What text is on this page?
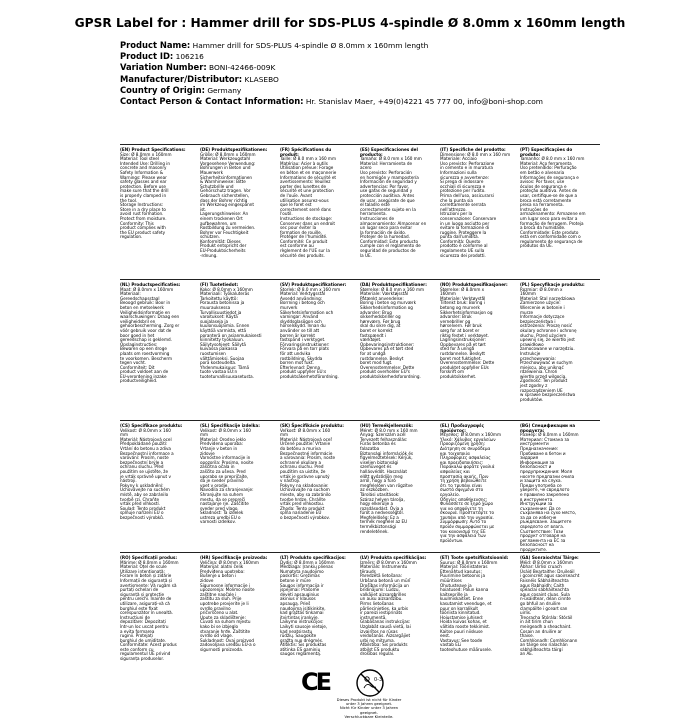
GPSR Label for : Hammer drill for SDS-PLUS 4-spindle Ø 8.0mm x 160mm length
Product Name: Hammer drill for SDS-PLUS 4-spindle Ø 8.0mm x 160mm length
Product ID: 106216
Variation Number: BONI-42466-009K
Manufacturer/Distributor: KLASEBO
Country of Origin: Germany
Contact Person & Contact Information: Hr. Stanislav Maer, +49(0)4221 45 777 00, info@boni-shop.com
(EN) Product Specifications:
Size: Ø 8.0mm x 160mm
Material: Tool steel
Intended Use: Drilling in
concrete and masonry
Safety Information &
Warnings: Please wear
safety glasses and ear
protection. Before use
make sure that the drill
is properly clamped in
the tool.
Storage Instructions:
Store in a dry place to
avoid rust formation.
Protect from moisture.
Conformity: This
product complies with
the EU product safety
regulation.
(DE) Produktspezifikationen:
Größe: Ø 8.0mm x 160mm
Material: Werkzeugstahl
Vorgesehene Verwendung:
Bohrungen in Beton und
Mauerwerk
Sicherheitsinformationen
& Warnhinweise: Bitte
Schutzbrille und
Gehörschutz tragen. Vor
Gebrauch sicherstellen,
dass der Bohrer richtig
im Werkzeug eingespannt
ist.
Lagerungshinweise: An
einem trockenen Ort
aufbewahren, um
Rostbildung zu vermeiden.
Bohrer vor Feuchtigkeit
schützen.
Konformität: Dieses
Produkt entspricht der
EU-Produktsicherheits
-rdnung.
(FR) Spécifications du produit:
Taille: Ø 8.0 mm x 160 mm
Matériau: Acier à outils
Utilisation prévue: Forage
en béton et en maçonnerie
Informations de sécurité et
avertissements: Veuillez
porter des lunettes de
sécurité et une protection
de l'ouïe. Avant
utilisation assurez-vous
que le foret est
correctement serré dans
l'outil.
Instructions de stockage:
Conserver dans un endroit
sec pour éviter la
formation de rouille.
Protéger de l'humidité.
Conformité: Ce produit
est conforme au
règlement de l'UE sur la
sécurité des produits.
(ES) Especificaciones del producto:
Tamaño: Ø 8.0 mm x 160 mm
Material: Herramienta de
acero
Uso previsto: Perforación
en hormigón y mampostería
Información de seguridad y
advertencias: Por favor,
use gafas de seguridad y
protección auditiva. Antes
de usar, asegúrate de que
el taladro esté
correctamente sujeto en la
herramienta.
Instrucciones de
almacenamiento: Almacenar en
un lugar seco para evitar
la formación de óxido.
Protejer de la humedad.
Conformidad: Este producto
cumple con el reglamento de
seguridad de productos de
la UE.
(IT) Specifiche del prodotto:
Dimensione: Ø 8.0 mm x 160 mm
Materiale: Acciaio
Uso previsto: Perforazione
in cemento e in muratura
Informazioni sulla
sicurezza e avvertenze:
Si prega di indossare
occhiali di sicurezza e
protezione per l'udito.
Prima dell'uso, assicurarsi
che la punta sia
correttamente serrata
nell'attrezzo.
Istruzioni per la
conservazione: Conservare
in un luogo asciutto per
evitare la formazione di
ruggine. Proteggere la
punta dall'umidità.
Conformità: Questo
prodotto è conforme al
regolamento UE sulla
sicurezza dei prodotti.
(PT) Especificações do produto:
Tamanho: Ø 8.0 mm x 160 mm
Material: Aço ferramenta
Uso pretendido: Perfuração
em betão e alvenaria
Informações de segurança e
avisos: Por favor, use
óculos de segurança e
proteção auditiva. Antes de
usar, certifique-se de que a
broca está corretamente
presa na ferramenta.
Instruções de
armazenamento: Armazene em
um lugar seco para evitar a
formação de ferrugem. Proteja
a broca da humidade.
Conformidade: Este produto
está em conformidade com o
regulamento de segurança de
produtos da UE.
(NL) Productspecificaties:
Maat: Ø 8.0mm x 160mm
Materiaal:
Gereedschapsstaal
Beoogd gebruik: Boor in
beton en metselwerk
Veiligheidsinformatie en
waarschuwingen: Draag een
veiligheidsbril en
gehoorbescherming. Zorg er
vóór gebruik voor dat de
boor goed in het
gereedschap is geklemd.
Opslaginstructies:
Bewaren op een droge
plaats om roestvorming
te voorkomen. Bescherm
tegen vocht.
Conformiteit: Dit
product voldoet aan de
EU-verordening inzake
productveiligheid.
(FI) Tuotetiedot:
Koko: Ø 8.0mm x 160mm
Materiaali: Työkaluteräs
Tarkoitettu käyttö:
Porausta betonissa ja
muurauksessa
Turvallisuustiedot ja
varoitukset: Käytä
suojalaseja ja
kuulonsuojaimia. Ennen
käyttöä varmista, että
poranterä on asianmukaisesti
kiinnitetty työkaluun.
Säilytysohjeet: Säilytä
kuivassa paikassa
ruostumisen
välttämiseksi. Suojaa
porä kosteudelta.
Yhdenmukaisuus: Tämä
tuote vastaa EU:n
tuoteturvallisuusasetusta.
(SV) Produktspecifikationer:
Storlek: Ø 8.0 mm x 160 mm
Material: Verktygsstål
Avsedd användning:
Borrning i betong och
murverk
Säkerhetsinformation och
varningar: Använd
skyddsglasögon och
hörselskydd. Innan du
använder se till att
borren är korrekt
fastspänd i verktyget.
Förvaringsinstruktioner:
Förvara på en torr plats
för att undvika
rostbildning. Skydda
borren mot fukt.
Efterlevnad: Denna
produkt uppfyller EU:s
produktsäkerhetsförordning.
(DA) Produktspecifikationer:
Størrelse: Ø 8.0 mm x 160 mm
Materiale: Værktøjsstål
Påtænkt anvendelse:
Boring i beton og murværk
Sikkerhedsinformation og
advarsler: Brug
sikkerhedsbriller og
høreværn. Før brug
skal du sikre dig, at
boret er korrekt
fastspændt i
værktøjet.
Opbevaringsinstruktioner:
Opbevares på et tørt sted
for at undgå
rustdannelse. Beskyt
boret mod fugt.
Overensstemmelse: Dette
produkt overholder EU's
produktsikkerhedsforordning.
(NO) Produktspesifikasjoner:
Størrelse: Ø 8.0mm x
160mm
Materiale: Verktøystål
Tiltenkt bruk: Boring i
betong og murverk
Sikkerhetsinformasjon og
advarsler: Bruk
vernebriller og
hørselvern. Før bruk
sørg for at boret er
riktig festet i verktøyet.
Lagringsinstruksjoner:
Oppbevares på et tørt
sted for å unngå
rustdannelse. Beskytt
boret mot fuktighet.
Overensstemmelse: Dette
produktet oppfyller EUs
forskrift om
produktsikkerhet.
(PL) Specyfikacje produktu:
Rozmiar: Ø 8.0mm x
160mm
Materiał: Stal narzędziowa
Zamierzone użycie:
Wiercenie w betonie i
murze
Informacje dotyczące
bezpieczeństwa i
ostrzeżenia: Proszę nosić
okulary ochronne i ochronę
słuchu. Przed użyciem
upewnij się, że wiertło jest
prawidłowo
zamocowane w narzędziu.
Instrukcje
przechowywania:
Przechowywać w suchym
miejscu, aby uniknąć
rdzewienia. Chroń
wiertło przed wilgocią.
Zgodność: Ten produkt
jest zgodny z
rozporządzeniem UE
w sprawie bezpieczeństwa
produktów.
(CS) Specifikace produktu:
Velikost: Ø 8.0mm x 160
mm
Materiál: Nástrojová ocel
Předpokládané použití:
Vrtání do betonu a zdiva
Bezpečnostní informace a
varování: Prosím, noste
bezpečnostní brýle a
ochranu sluchu. Před
použitím se ujistěte, že
je vrták správně upnut v
nástroji.
Pokyny k uskladnění:
Uchovávejte na suchém
místě, aby se zabránilo
tvorbě rzi. Chraňte
vrták před vlhkostí.
Soulad: Tento produkt
splňuje nařízení EU o
bezpečnosti výrobků.
(SL) Specifikacije izdelka:
Velikost: Ø 8.0mm x 160
mm
Material: Orodno jeklo
Predvidena uporaba:
Vrtanje v beton in
zidovje
Varnostne informacije in
opozorila: Prosimo, nosite
zaščitna očala in
zaščito za ušesa. Pred
uporabo se prepričajte,
da je sveder pravilno
vpet v orodje.
Navodila za shranjevanje:
Shranjujte na suhem
mestu, da se prepreči
nastajanje rje. Zaščitite
sveder pred vlago.
Skladnost: Ta izdelek
ustreza uredbi EU o
varnosti izdelkov.
(SK) Špecifikácie produktu:
Veľkosť: Ø 8.0mm x 160
mm
Materiál: Nástrojová oceľ
Určené použitie: Vŕtanie
do betónu a muriva
Bezpečnostné informácie
a varovania: Prosím, noste
ochranné okuliare a
ochranu sluchu. Pred
použitím sa uistite, že
vrták je správne upnutý
v nástroji.
Pokyny na skladovanie:
Uchovávajte na suchom
mieste, aby sa zabránilo
tvorbe hrdze. Chráňte
vrták pred vlhkosťou.
Zhoda: Tento produkt
spĺňa nariadenie EÚ
o bezpečnosti výrobkov.
(HU) Termékjellemzők:
Méret: Ø 8.0 mm x 160 mm
Anyag: Szerszám acél
Tervezett felhasználás:
Fúrás betonba és
falazatba
Biztonsági információk és
figyelmeztetések: Kérjük,
viseljen biztonsági
szemüveget és
hallásvédőt. Használat
előtt győződjön meg
arról, hogy a fúró
megfelelően van rögzítve
az eszközben.
Tárolási utasítások:
Száraz helyen tárolja,
hogy elkerülje a
rozsdásodást. Óvja a
fúrót a nedvességtől.
Megfelelőség: Ez a
termék megfelel az EU
termékbiztonsági
rendeletének.
(EL) Προδιαγραφές προϊόντος:
Μέγεθος: Ø 8.0mm x 160mm
Υλικό: Χάλυβας εργαλείων
Προοριζόμενη χρήση:
Διάτρηση σε σκυρόδεμα
και τοιχοποιία
Πληροφορίες ασφαλείας
και προειδοποιήσεις:
Παρακαλώ φοράτε γυαλιά
ασφαλείας και
προστασία ακοής. Πριν
τη χρήση βεβαιωθείτε
ότι το τρυπάνι είναι
σωστά σφιγμένο στο
εργαλείο.
Οδηγίες αποθήκευσης:
Φυλάσσετε σε ξηρό χώρο
για να αποφύγετε τη
σκουριά. Προστατέψτε το
τρυπάνι από την υγρασία.
Συμμόρφωση: Αυτό το
προϊόν συμμορφώνεται με
τον κανονισμό της ΕΕ
για την ασφάλεια των
προϊόντων.
(BG) Спецификации на продукта:
Размер: Ø 8.0mm x 160mm
Материал: Стомана за
инструменти
Предназначение:
Пробиване в бетон и
зидария
Информация за
безопасност и
предупреждения: Моля
носете предпазни очила
и защита на слуха.
Преди употреба се
уверете, че свредлото
е правилно закрепено
в инструмента.
Инструкции за
съхранение: Да се
съхранява на сухо място,
за да се избегне
ръждясване. Защитете
свредлото от влага.
Съответствие: Този
продукт отговаря на
регламента на ЕС за
безопасност на
продуктите.
(RO) Specificații produs:
Mărime: Ø 8.0mm x 160mm
Material: Oțel de scule
Utilizare intenționată:
Forare în beton și zidărie
Informații de siguranță și
avertismente: Vă rugăm să
purtați ochelari de
siguranță și protecție
pentru urechi. Înainte de
utilizare, asigurați-vă că
burghiul este fixat
corespunzător în unealtă.
Instrucțiuni de
depozitare: Depozitați
într-un loc uscat pentru
a evita formarea
ruginii. Protejați
burghiul de umiditate.
Conformitate: Acest produs
este conform cu
regulamentul UE privind
siguranța produselor.
(HR) Specifikacije proizvoda:
Veličina: Ø 8.0mm x 160mm
Materijal: alatni čelik
Predviđena upotreba:
Bušenje u beton i
zidove
Sigurnosne informacije i
upozorenja: Molimo nosite
zaštitne naočale i
zaštitu za sluh. Prije
upotrebe provjerite je li
svrdlo pravilno
pričvršćeno u alat.
Upute za skladištenje:
Čuvati na suhom mjestu
kako bi se izbjeglo
stvaranje hrđe. Zaštitite
svrdlo od vlage.
Sukladnost: Ovaj proizvod
zadovoljava uredbu EU-a o
sigurnosti proizvoda.
(LT) Produkto specifikacijos:
Dydis: Ø 8.0mm x 160mm
Medžiaga: Įrankių plienas
Numatyta naudojimo
paskirtis: Gręžimas
betone ir mūre
Saugos informacija ir
įspėjimai: Prašome
dėvėti apsauginius
akinius ir klausos
apsaugą. Prieš
naudojimą įsitikinkite,
kad grąžtas tinkamai
įtvirtintas įrankyje.
Laikymo instrukcijos:
Laikyti sausoje vietoje,
kad neatsirastų
rūdžių. Saugokite
grąžtą nuo drėgmės.
Atitiktis: Šis produktas
atitinka ES gaminių
saugos reglamentą.
(LV) Produkta specifikācijas:
Izmērs: Ø 8.0mm x 160mm
Materiāls: Instrumentu
tērauds
Paredzētā lietošana:
Urbšana betonā un mūrī
Drošības informācija un
brīdinājumi: Lūdzu,
valkājiet aizsargbrilles
un ausu aizsardzību.
Pirms lietošanas
pārliecinieties, ka urbis
ir pareizi iestiprināts
instrumentā.
Glabāšanas instrukcijas:
Uzglabāt sausā vietā, lai
izvairītos no rūsas
veidošanās. Aizsargājiet
urbi no mitruma.
Atbilstība: Šis produkts
atbilst ES produktu
drošības regulai.
(ET) Toote spetsifikatsioonid:
Suurus: Ø 8.0mm x 160mm
Materjal: Tööriistateras
Ettenähtud kasutus:
Puurimine betoonis ja
müüritises
Ohutusteave ja
hoiatused: Palun kanna
kaitseprille ja
kuulmiskaitset. Enne
kasutamist veenduge, et
puur on korralikult
tööriista kinnitatud.
Hoiustamise juhised:
Hoida kuivas kohas, et
vältida rooste tekkimist.
Kaitse puuri niiskuse
eest.
Vastavus: See toode
vastab ELi
tooteohutuse määrusele.
(GA) Sonraíochtaí Táirge:
Méid: Ø 8.0mm x 160mm
Ábhar: Uirlisí cruach
Úsáid Beartaithe: Druileáil
i gcoincréit agus saoirseacht
Faisnéis Sábháilteachta
agus Rabhaidh: Caith
spéaclaí sábháilteachta
agus cosaint cluas. Sula
n-úsáidtear, déan cinnte
go bhfuil an druilire
clampáilte i gceart san
uirlis.
Treoracha Stórála: Stóráil
in áit tirim chun
meirgeadh a sheachaint.
Cosain an druilire ar
thaise.
Comhlíonadh: Comhlíonann
an táirge seo rialachán
sábháilteachta táirgí
an AE.
CE	0-3
Dieses Produkt ist nicht für Kinder unter 3 Jahren geeignet.
Nicht für Kinder unter 3 Jahren geeignet.
Verschluckbare Kleinteile.
